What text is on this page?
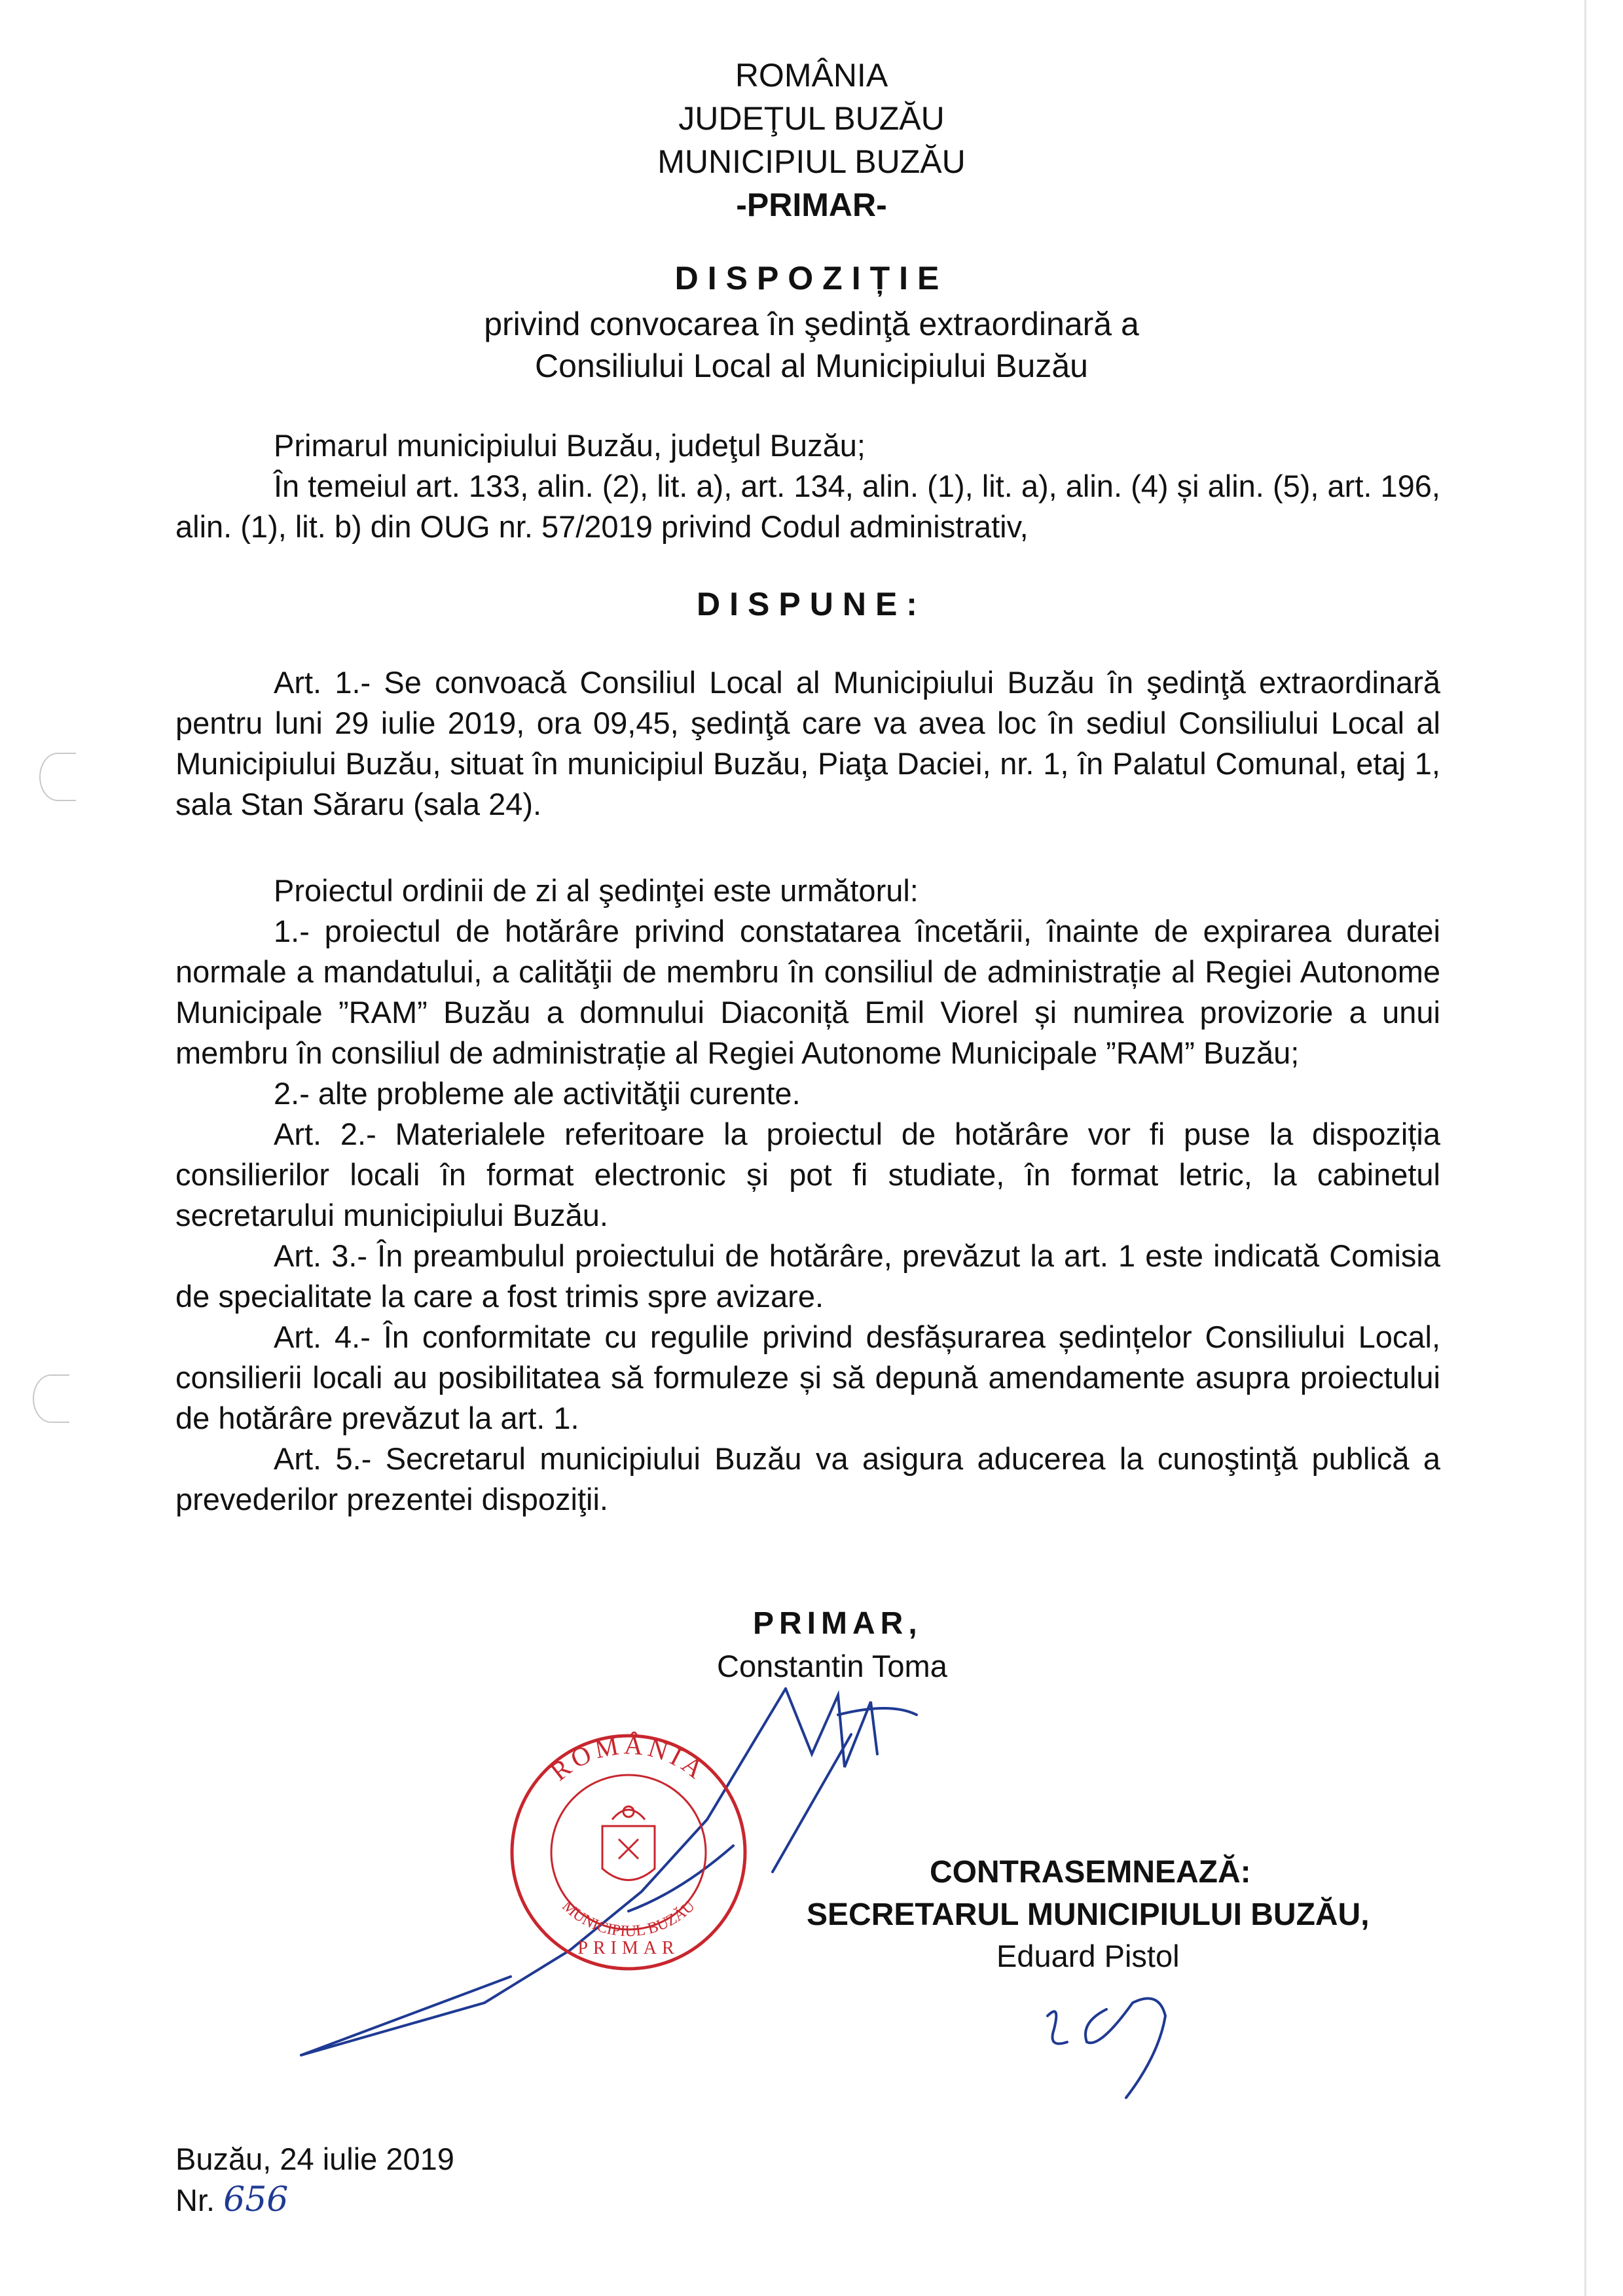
ROMÂNIA
JUDEŢUL BUZĂU
MUNICIPIUL BUZĂU
-PRIMAR-
DISPOZIȚIE
privind convocarea în şedinţă extraordinară a
Consiliului Local al Municipiului Buzău

Primarul municipiului Buzău, judeţul Buzău;

În temeiul art. 133, alin. (2), lit. a), art. 134, alin. (1), lit. a), alin. (4) și alin. (5), art. 196, alin. (1), lit. b) din OUG nr. 57/2019 privind Codul administrativ,

DISPUNE:

Art. 1.- Se convoacă Consiliul Local al Municipiului Buzău în şedinţă extraordinară pentru luni 29 iulie 2019, ora 09,45, şedinţă care va avea loc în sediul Consiliului Local al Municipiului Buzău, situat în municipiul Buzău, Piaţa Daciei, nr. 1, în Palatul Comunal, etaj 1, sala Stan Săraru (sala 24).

Proiectul ordinii de zi al şedinţei este următorul:

1.- proiectul de hotărâre privind constatarea încetării, înainte de expirarea duratei normale a mandatului, a calităţii de membru în consiliul de administrație al Regiei Autonome Municipale ”RAM” Buzău a domnului Diaconiță Emil Viorel și numirea provizorie a unui membru în consiliul de administrație al Regiei Autonome Municipale ”RAM” Buzău;

2.- alte probleme ale activităţii curente.

Art. 2.- Materialele referitoare la proiectul de hotărâre vor fi puse la dispoziția consilierilor locali în format electronic și pot fi studiate, în format letric, la cabinetul secretarului municipiului Buzău.

Art. 3.- În preambulul proiectului de hotărâre, prevăzut la art. 1 este indicată Comisia de specialitate la care a fost trimis spre avizare.

Art. 4.- În conformitate cu regulile privind desfășurarea ședințelor Consiliului Local, consilierii locali au posibilitatea să formuleze și să depună amendamente asupra proiectului de hotărâre prevăzut la art. 1.

Art. 5.- Secretarul municipiului Buzău va asigura aducerea la cunoştinţă publică a prevederilor prezentei dispoziţii.

PRIMAR,
Constantin Toma
ROMÂNIA
MUNICIPIUL BUZĂU
PRIMAR
CONTRASEMNEAZĂ:
SECRETARUL MUNICIPIULUI BUZĂU,
Eduard Pistol
Buzău, 24 iulie 2019
Nr. 656
